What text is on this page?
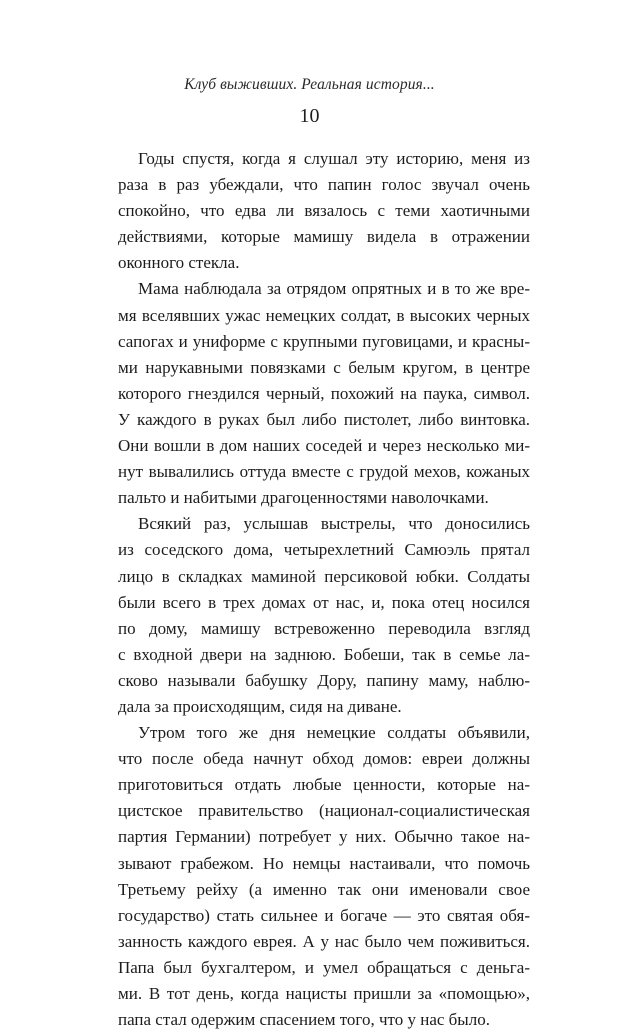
Клуб выживших. Реальная история...
10
Годы спустя, когда я слушал эту историю, меня из
раза в раз убеждали, что папин голос звучал очень
спокойно, что едва ли вязалось с теми хаотичными
действиями, которые мамишу видела в отражении
оконного стекла.
Мама наблюдала за отрядом опрятных и в то же вре-
мя вселявших ужас немецких солдат, в высоких черных
сапогах и униформе с крупными пуговицами, и красны-
ми нарукавными повязками с белым кругом, в центре
которого гнездился черный, похожий на паука, символ.
У каждого в руках был либо пистолет, либо винтовка.
Они вошли в дом наших соседей и через несколько ми-
нут вывалились оттуда вместе с грудой мехов, кожаных
пальто и набитыми драгоценностями наволочками.
Всякий раз, услышав выстрелы, что доносились
из соседского дома, четырехлетний Самюэль прятал
лицо в складках маминой персиковой юбки. Солдаты
были всего в трех домах от нас, и, пока отец носился
по дому, мамишу встревоженно переводила взгляд
с входной двери на заднюю. Бобеши, так в семье ла-
сково называли бабушку Дору, папину маму, наблю-
дала за происходящим, сидя на диване.
Утром того же дня немецкие солдаты объявили,
что после обеда начнут обход домов: евреи должны
приготовиться отдать любые ценности, которые на-
цистское правительство (национал-социалистическая
партия Германии) потребует у них. Обычно такое на-
зывают грабежом. Но немцы настаивали, что помочь
Третьему рейху (а именно так они именовали свое
государство) стать сильнее и богаче — это святая обя-
занность каждого еврея. А у нас было чем поживиться.
Папа был бухгалтером, и умел обращаться с деньга-
ми. В тот день, когда нацисты пришли за «помощью»,
папа стал одержим спасением того, что у нас было.
